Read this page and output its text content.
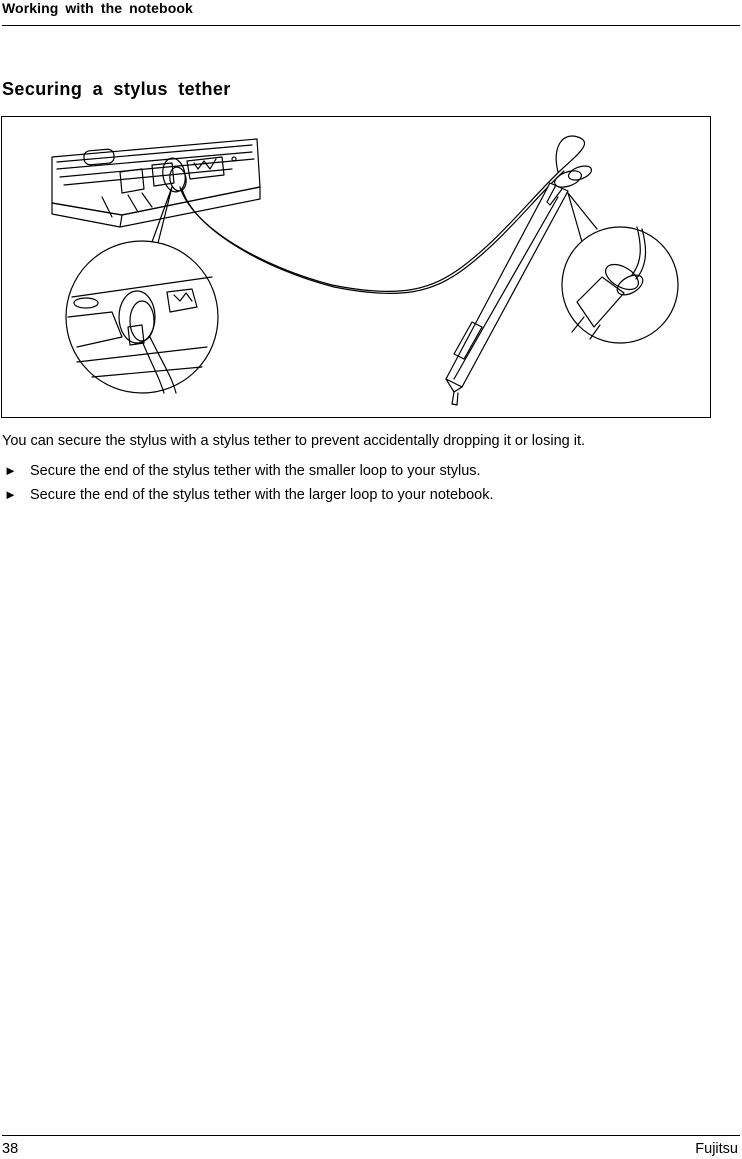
Working with the notebook
Securing a stylus tether

You can secure the stylus with a stylus tether to prevent accidentally dropping it or losing it.

► Secure the end of the stylus tether with the smaller loop to your stylus.
► Secure the end of the stylus tether with the larger loop to your notebook.
38	Fujitsu
